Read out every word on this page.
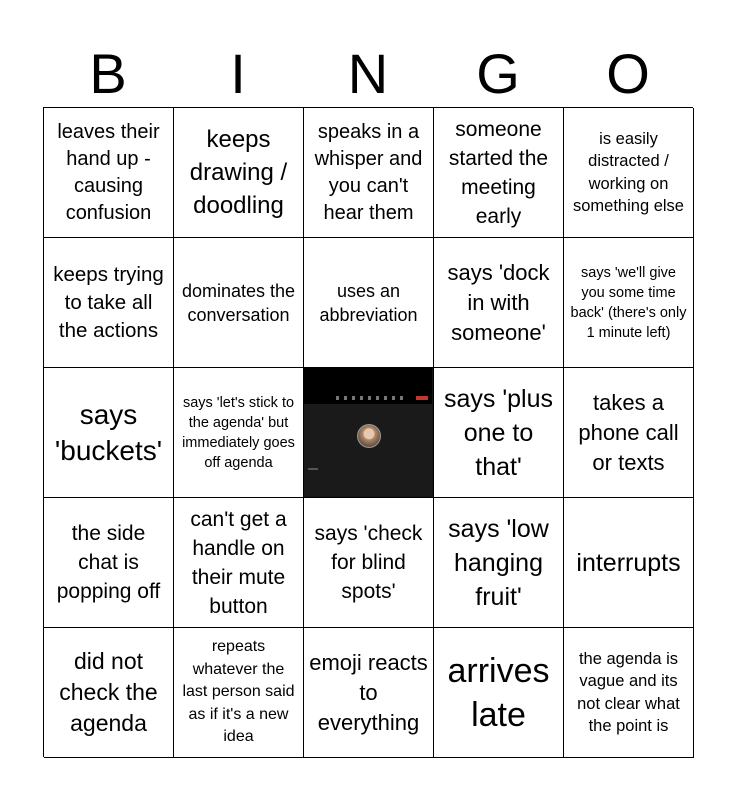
B	I	N	G	O
leaves their hand up - causing confusion
keeps drawing / doodling
speaks in a whisper and you can't hear them
someone started the meeting early
is easily distracted / working on something else
keeps trying to take all the actions
dominates the conversation
uses an abbreviation
says 'dock in with someone'
says 'we'll give you some time back' (there's only 1 minute left)
says 'buckets'
says 'let's stick to the agenda' but immediately goes off agenda
says 'plus one to that'
takes a phone call or texts
the side chat is popping off
can't get a handle on their mute button
says 'check for blind spots'
says 'low hanging fruit'
interrupts
did not check the agenda
repeats whatever the last person said as if it's a new idea
emoji reacts to everything
arrives late
the agenda is vague and its not clear what the point is
